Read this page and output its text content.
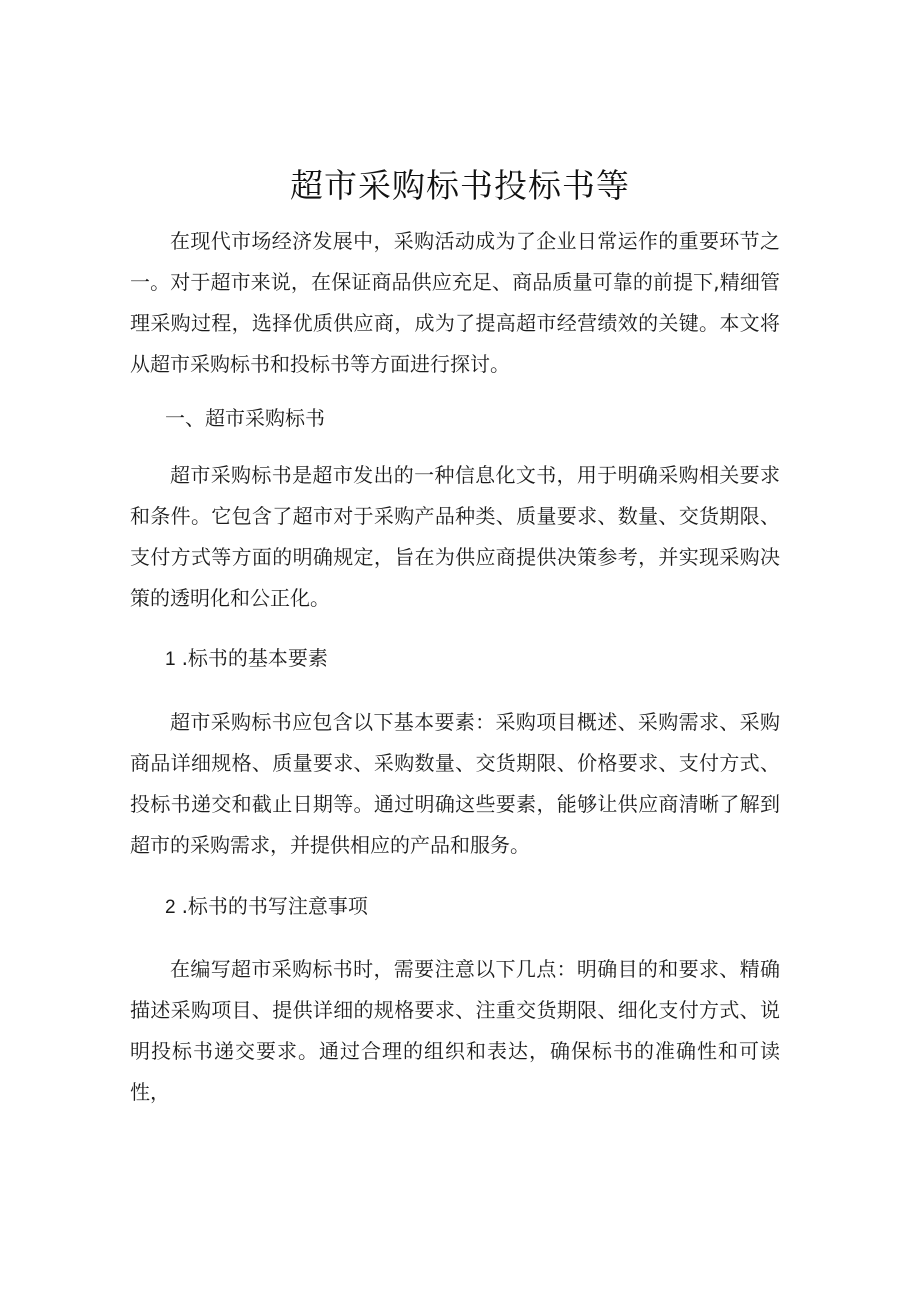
超市采购标书投标书等

在现代市场经济发展中，采购活动成为了企业日常运作的重要环节之一。对于超市来说，在保证商品供应充足、商品质量可靠的前提下,精细管理采购过程，选择优质供应商，成为了提高超市经营绩效的关键。本文将从超市采购标书和投标书等方面进行探讨。

一、超市采购标书

超市采购标书是超市发出的一种信息化文书，用于明确采购相关要求和条件。它包含了超市对于采购产品种类、质量要求、数量、交货期限、支付方式等方面的明确规定，旨在为供应商提供决策参考，并实现采购决策的透明化和公正化。

1 .标书的基本要素

超市采购标书应包含以下基本要素：采购项目概述、采购需求、采购商品详细规格、质量要求、采购数量、交货期限、价格要求、支付方式、投标书递交和截止日期等。通过明确这些要素，能够让供应商清晰了解到超市的采购需求，并提供相应的产品和服务。

2 .标书的书写注意事项

在编写超市采购标书时，需要注意以下几点：明确目的和要求、精确描述采购项目、提供详细的规格要求、注重交货期限、细化支付方式、说明投标书递交要求。通过合理的组织和表达，确保标书的准确性和可读性，
